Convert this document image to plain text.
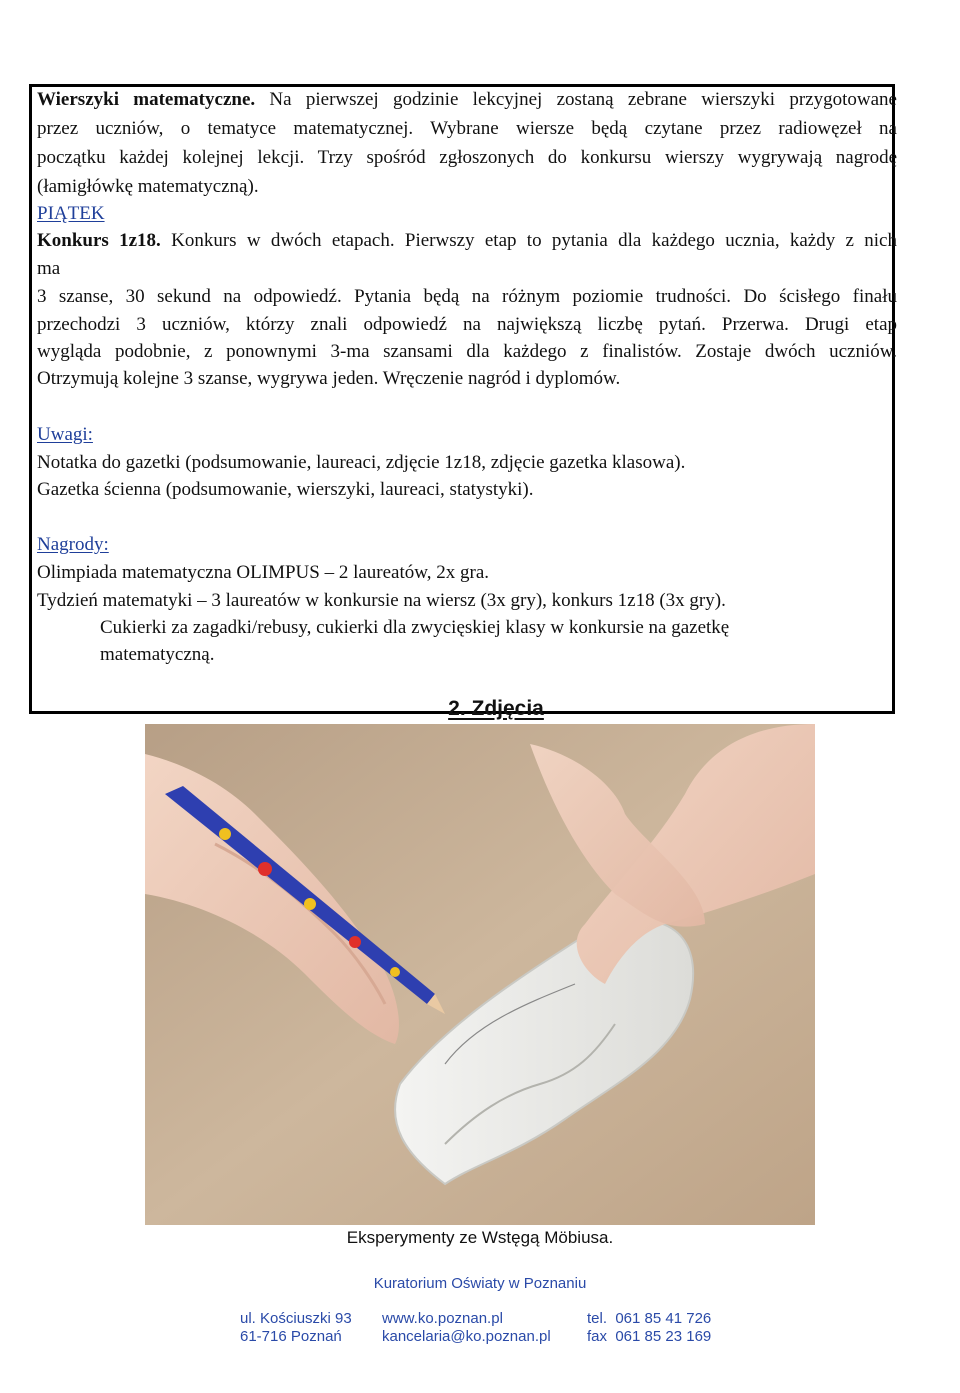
Wierszyki matematyczne. Na pierwszej godzinie lekcyjnej zostaną zebrane wierszyki przygotowane
przez uczniów, o tematyce matematycznej. Wybrane wiersze będą czytane przez radiowęzeł na
początku każdej kolejnej lekcji. Trzy spośród zgłoszonych do konkursu wierszy wygrywają nagrodę
(łamigłówkę matematyczną).
PIĄTEK
Konkurs 1z18. Konkurs w dwóch etapach. Pierwszy etap to pytania dla każdego ucznia, każdy z nich
ma
3 szanse, 30 sekund na odpowiedź. Pytania będą na różnym poziomie trudności. Do ścisłego finału
przechodzi 3 uczniów, którzy znali odpowiedź na największą liczbę pytań. Przerwa. Drugi etap
wygląda podobnie, z ponownymi 3-ma szansami dla każdego z finalistów. Zostaje dwóch uczniów.
Otrzymują kolejne 3 szanse, wygrywa jeden. Wręczenie nagród i dyplomów.
Uwagi:
Notatka do gazetki (podsumowanie, laureaci, zdjęcie 1z18, zdjęcie gazetka klasowa).
Gazetka ścienna (podsumowanie, wierszyki, laureaci, statystyki).
Nagrody:
Olimpiada matematyczna OLIMPUS – 2 laureatów, 2x gra.
Tydzień matematyki – 3 laureatów w konkursie na wiersz (3x gry), konkurs 1z18 (3x gry).
Cukierki za zagadki/rebusy, cukierki dla zwycięskiej klasy w konkursie na gazetkę
matematyczną.
2. Zdjęcia
Eksperymenty ze Wstęgą Möbiusa.
Kuratorium Oświaty w Poznaniu
ul. Kościuszki 93
61-716 Poznań
www.ko.poznan.pl
kancelaria@ko.poznan.pl
tel.  061 85 41 726
fax  061 85 23 169
